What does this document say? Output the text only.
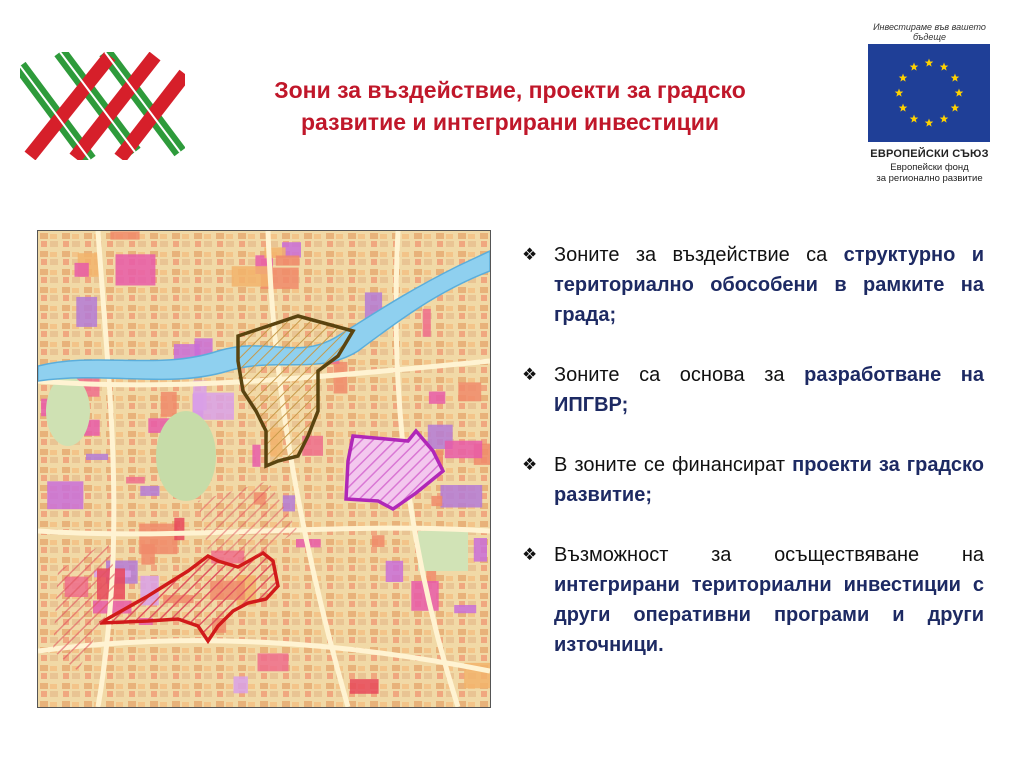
Зони за въздействие, проекти за градско
развитие и интегрирани инвестиции
Инвестираме във вашето бъдеще
ЕВРОПЕЙСКИ СЪЮЗ
Европейски фонд
за регионално развитие
❖ Зоните за въздействие са структурно и териториално обособени в рамките на града;
❖ Зоните са основа за разработване на ИПГВР;
❖ В зоните се финансират проекти за градско развитие;
❖ Възможност за осъществяване на интегрирани териториални инвестиции с други оперативни програми и други източници.
